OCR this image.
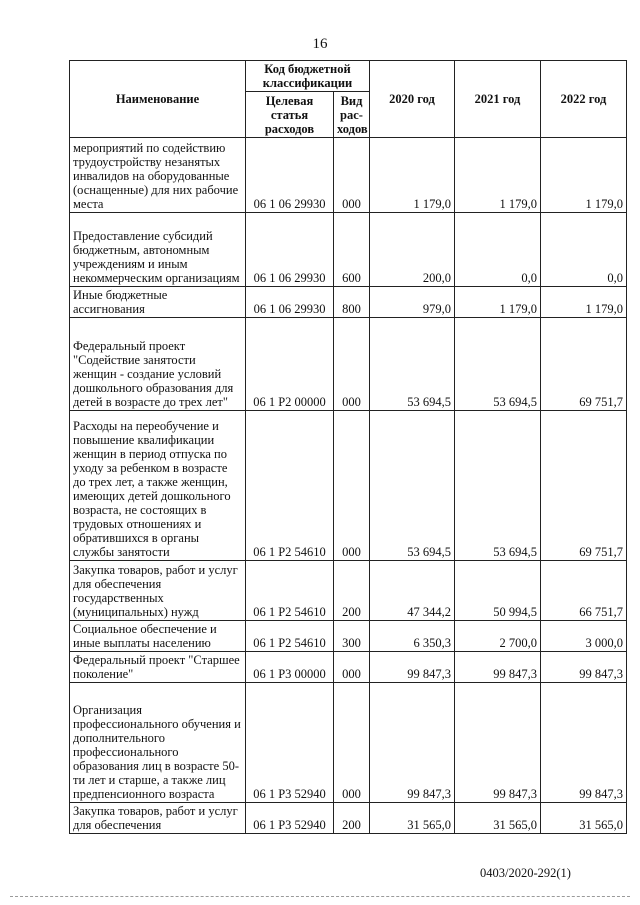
16
Наименование	Код бюджетной классификации		2020 год	2021 год	2022 год
	Целевая статья расходов	Вид рас-ходов			
мероприятий по содействию трудоустройству незанятых инвалидов на оборудованные (оснащенные) для них рабочие места	06 1 06 29930	000	1 179,0	1 179,0	1 179,0
Предоставление субсидий бюджетным, автономным учреждениям и иным некоммерческим организациям	06 1 06 29930	600	200,0	0,0	0,0
Иные бюджетные ассигнования	06 1 06 29930	800	979,0	1 179,0	1 179,0
Федеральный проект "Содействие занятости женщин - создание условий дошкольного образования для детей в возрасте до трех лет"	06 1 P2 00000	000	53 694,5	53 694,5	69 751,7
Расходы на переобучение и повышение квалификации женщин в период отпуска по уходу за ребенком в возрасте до трех лет, а также женщин, имеющих детей дошкольного возраста, не состоящих в трудовых отношениях и обратившихся в органы службы занятости	06 1 P2 54610	000	53 694,5	53 694,5	69 751,7
Закупка товаров, работ и услуг для обеспечения государственных (муниципальных) нужд	06 1 P2 54610	200	47 344,2	50 994,5	66 751,7
Социальное обеспечение и иные выплаты населению	06 1 P2 54610	300	6 350,3	2 700,0	3 000,0
Федеральный проект "Старшее поколение"	06 1 P3 00000	000	99 847,3	99 847,3	99 847,3
Организация профессионального обучения и дополнительного профессионального образования лиц в возрасте 50-ти лет и старше, а также лиц предпенсионного возраста	06 1 P3 52940	000	99 847,3	99 847,3	99 847,3
Закупка товаров, работ и услуг для обеспечения	06 1 P3 52940	200	31 565,0	31 565,0	31 565,0
0403/2020-292(1)
